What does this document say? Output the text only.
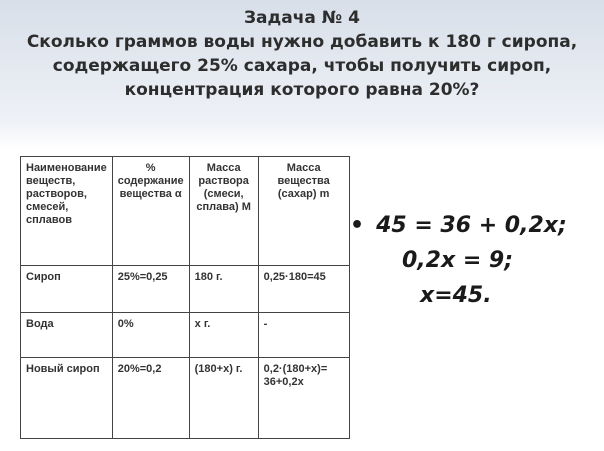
Задача № 4
Сколько граммов воды нужно добавить к 180 г сиропа,
содержащего 25% сахара, чтобы получить сироп,
концентрация которого равна 20%?
Наименование веществ, растворов, смесей, сплавов	% содержание вещества α	Масса раствора (смеси, сплава) M	Масса вещества (сахар) m
Сироп	25%=0,25	180 г.	0,25·180=45
Вода	0%	х г.	-
Новый сироп	20%=0,2	(180+х) г.	0,2·(180+х)= 36+0,2х
• 45 = 36 + 0,2х;
0,2х = 9;
х=45.
